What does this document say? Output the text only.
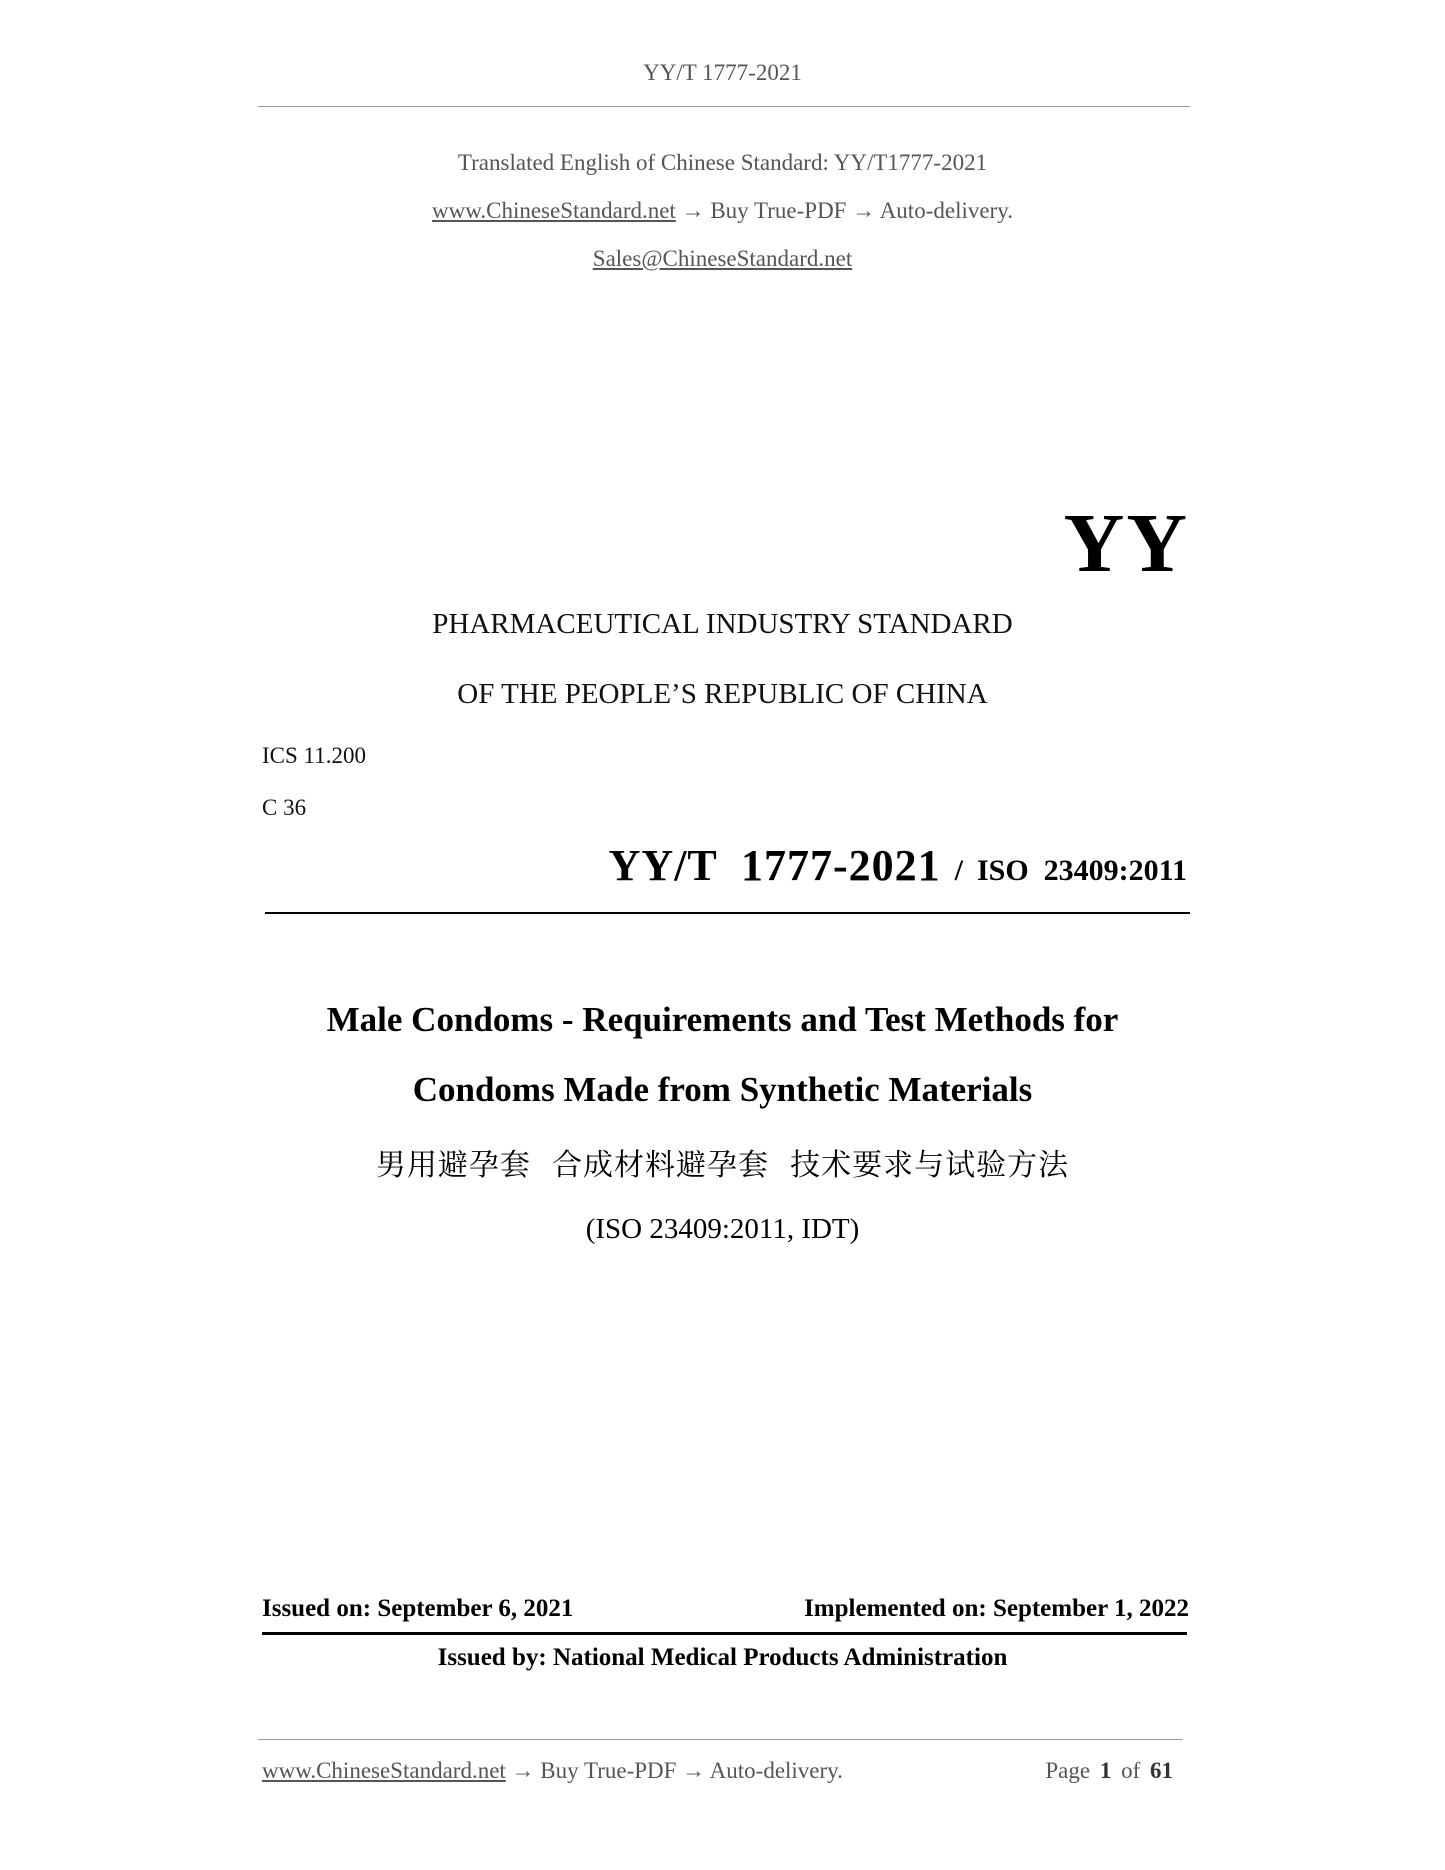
YY/T 1777-2021
Translated English of Chinese Standard: YY/T1777-2021
www.ChineseStandard.net → Buy True-PDF → Auto-delivery.
Sales@ChineseStandard.net
YY
PHARMACEUTICAL INDUSTRY STANDARD
OF THE PEOPLE’S REPUBLIC OF CHINA
ICS 11.200
C 36
YY/T  1777-2021 / ISO  23409:2011
Male Condoms - Requirements and Test Methods for
Condoms Made from Synthetic Materials
男用避孕套  合成材料避孕套  技术要求与试验方法
(ISO 23409:2011, IDT)
Issued on: September 6, 2021	Implemented on: September 1, 2022
Issued by: National Medical Products Administration
www.ChineseStandard.net → Buy True-PDF → Auto-delivery.	Page 1 of 61
